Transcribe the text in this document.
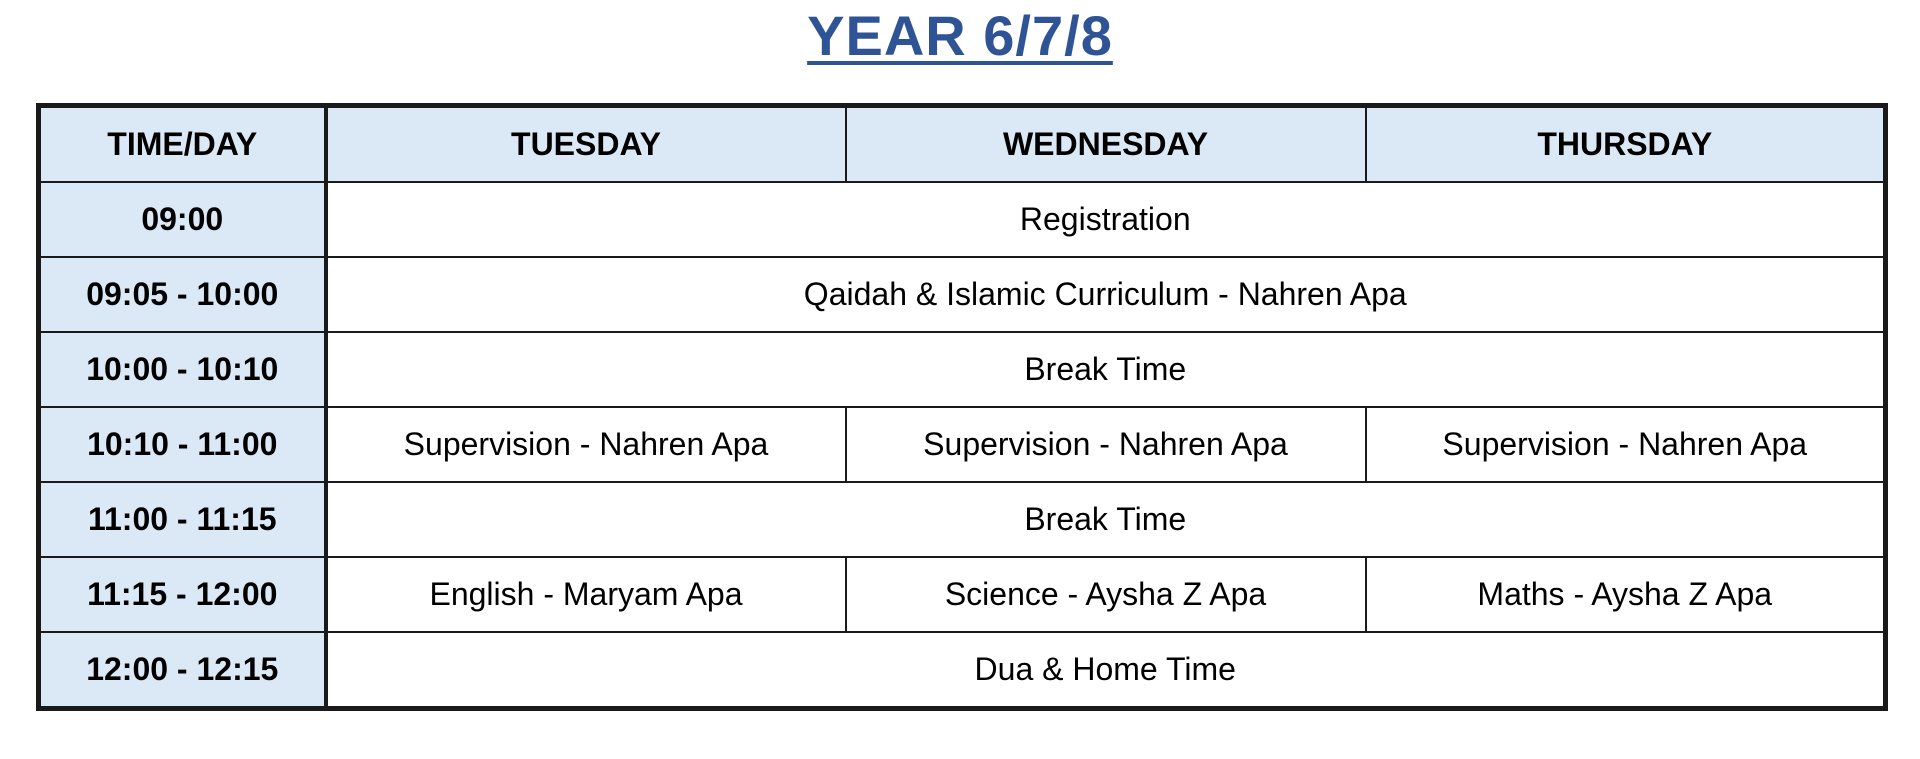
YEAR 6/7/8
TIME/DAY	TUESDAY	WEDNESDAY	THURSDAY
09:00	Registration		
09:05 - 10:00	Qaidah & Islamic Curriculum - Nahren Apa		
10:00 - 10:10	Break Time		
10:10 - 11:00	Supervision - Nahren Apa	Supervision - Nahren Apa	Supervision - Nahren Apa
11:00 - 11:15	Break Time		
11:15 - 12:00	English - Maryam Apa	Science - Aysha Z Apa	Maths - Aysha Z Apa
12:00 - 12:15	Dua & Home Time		
